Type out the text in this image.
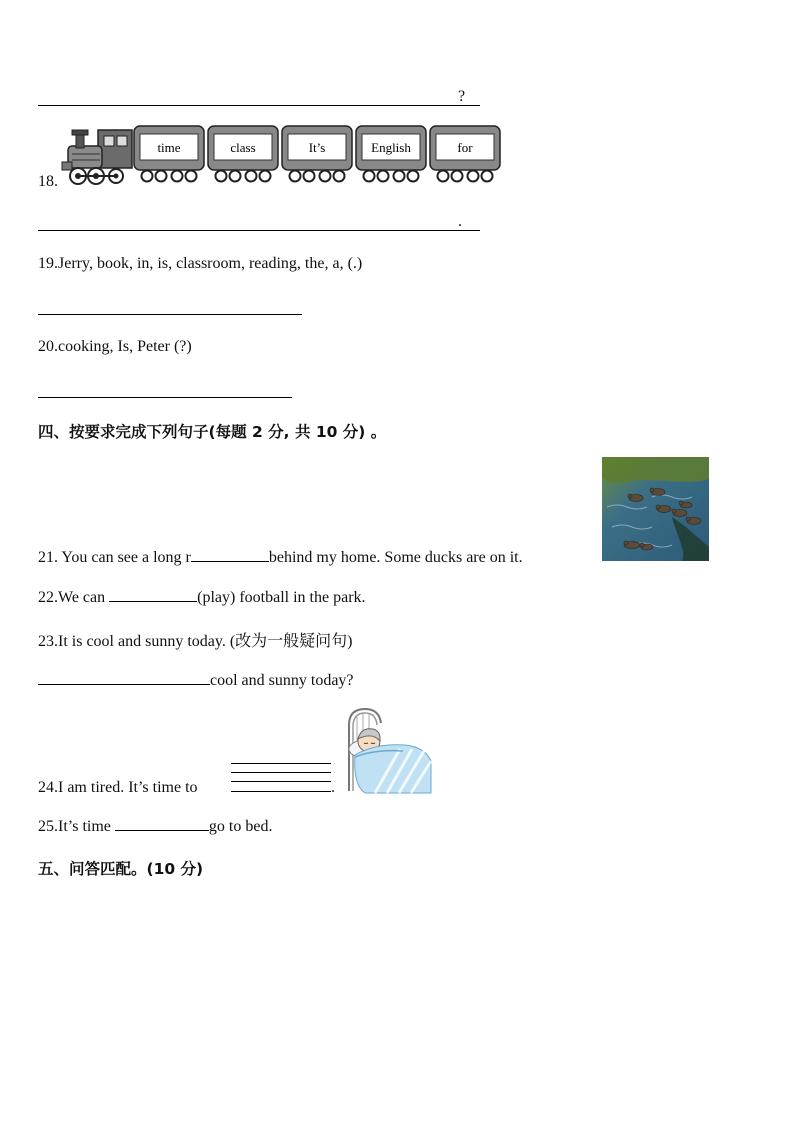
?
18.
time	class	It’s	English	for
.
19.Jerry, book, in, is, classroom, reading, the, a, (.)
20.cooking, Is, Peter (?)
四、按要求完成下列句子(每题 2 分, 共 10 分) 。
21. You can see a long r	behind my home. Some ducks are on it.
22.We can	(play) football in the park.
23.It is cool and sunny today. (改为一般疑问句)
cool and sunny today?
24.I am tired. It’s time to	.
25.It’s time	go to bed.
五、问答匹配。(10 分)
